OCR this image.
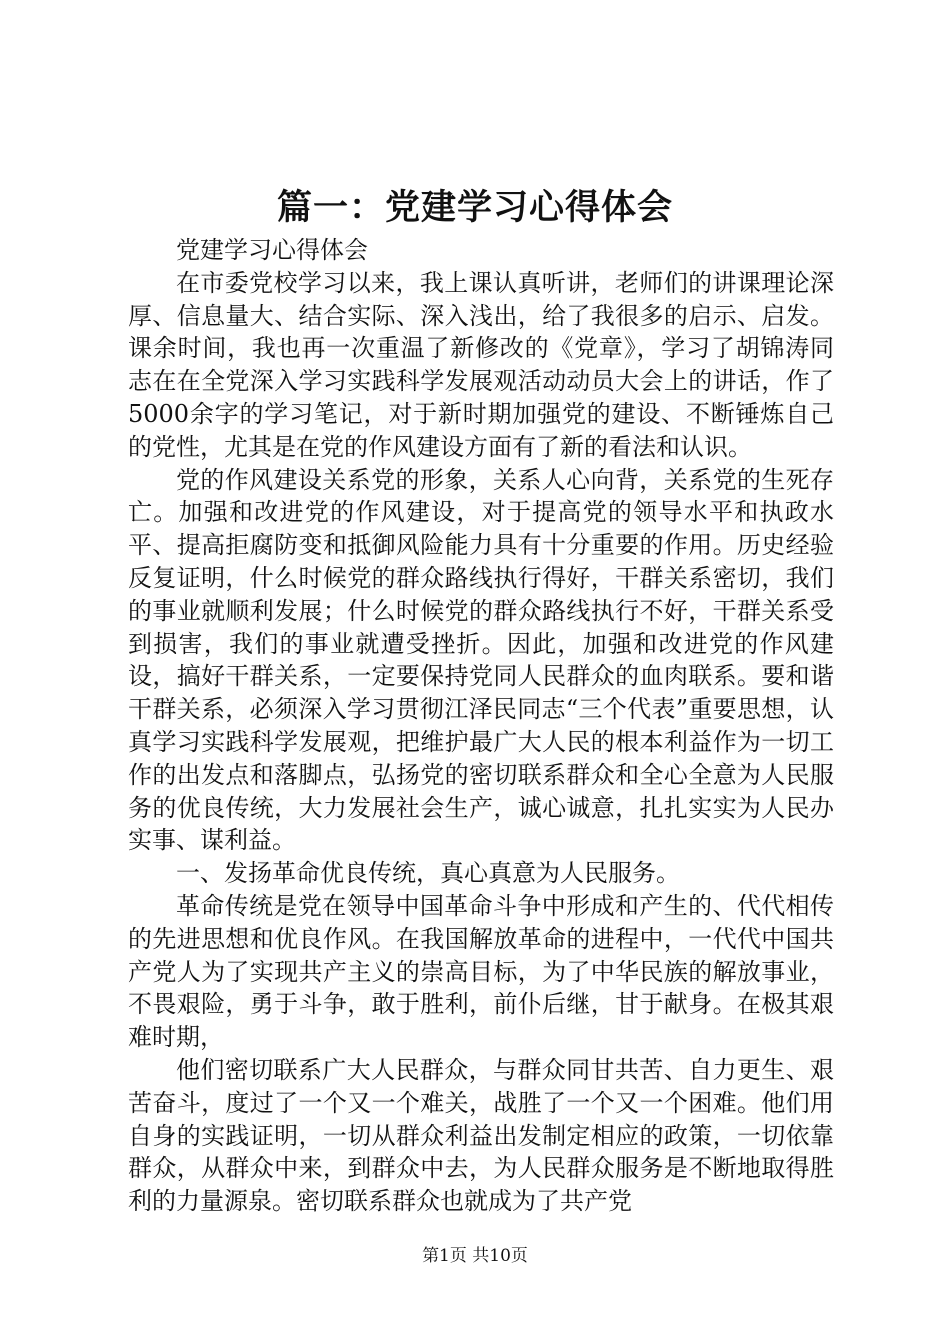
篇一：党建学习心得体会

党建学习心得体会

在市委党校学习以来，我上课认真听讲，老师们的讲课理论深厚、信息量大、结合实际、深入浅出，给了我很多的启示、启发。课余时间，我也再一次重温了新修改的《党章》，学习了胡锦涛同志在在全党深入学习实践科学发展观活动动员大会上的讲话，作了5000余字的学习笔记，对于新时期加强党的建设、不断锤炼自己的党性，尤其是在党的作风建设方面有了新的看法和认识。

党的作风建设关系党的形象，关系人心向背，关系党的生死存亡。加强和改进党的作风建设，对于提高党的领导水平和执政水平、提高拒腐防变和抵御风险能力具有十分重要的作用。历史经验反复证明，什么时候党的群众路线执行得好，干群关系密切，我们的事业就顺利发展；什么时候党的群众路线执行不好，干群关系受到损害，我们的事业就遭受挫折。因此，加强和改进党的作风建设，搞好干群关系，一定要保持党同人民群众的血肉联系。要和谐干群关系，必须深入学习贯彻江泽民同志“三个代表”重要思想，认真学习实践科学发展观，把维护最广大人民的根本利益作为一切工作的出发点和落脚点，弘扬党的密切联系群众和全心全意为人民服务的优良传统，大力发展社会生产，诚心诚意，扎扎实实为人民办实事、谋利益。

一、发扬革命优良传统，真心真意为人民服务。

革命传统是党在领导中国革命斗争中形成和产生的、代代相传的先进思想和优良作风。在我国解放革命的进程中，一代代中国共产党人为了实现共产主义的崇高目标，为了中华民族的解放事业，不畏艰险，勇于斗争，敢于胜利，前仆后继，甘于献身。在极其艰难时期，

他们密切联系广大人民群众，与群众同甘共苦、自力更生、艰苦奋斗，度过了一个又一个难关，战胜了一个又一个困难。他们用自身的实践证明，一切从群众利益出发制定相应的政策，一切依靠群众，从群众中来，到群众中去，为人民群众服务是不断地取得胜利的力量源泉。密切联系群众也就成为了共产党

第1页 共10页
